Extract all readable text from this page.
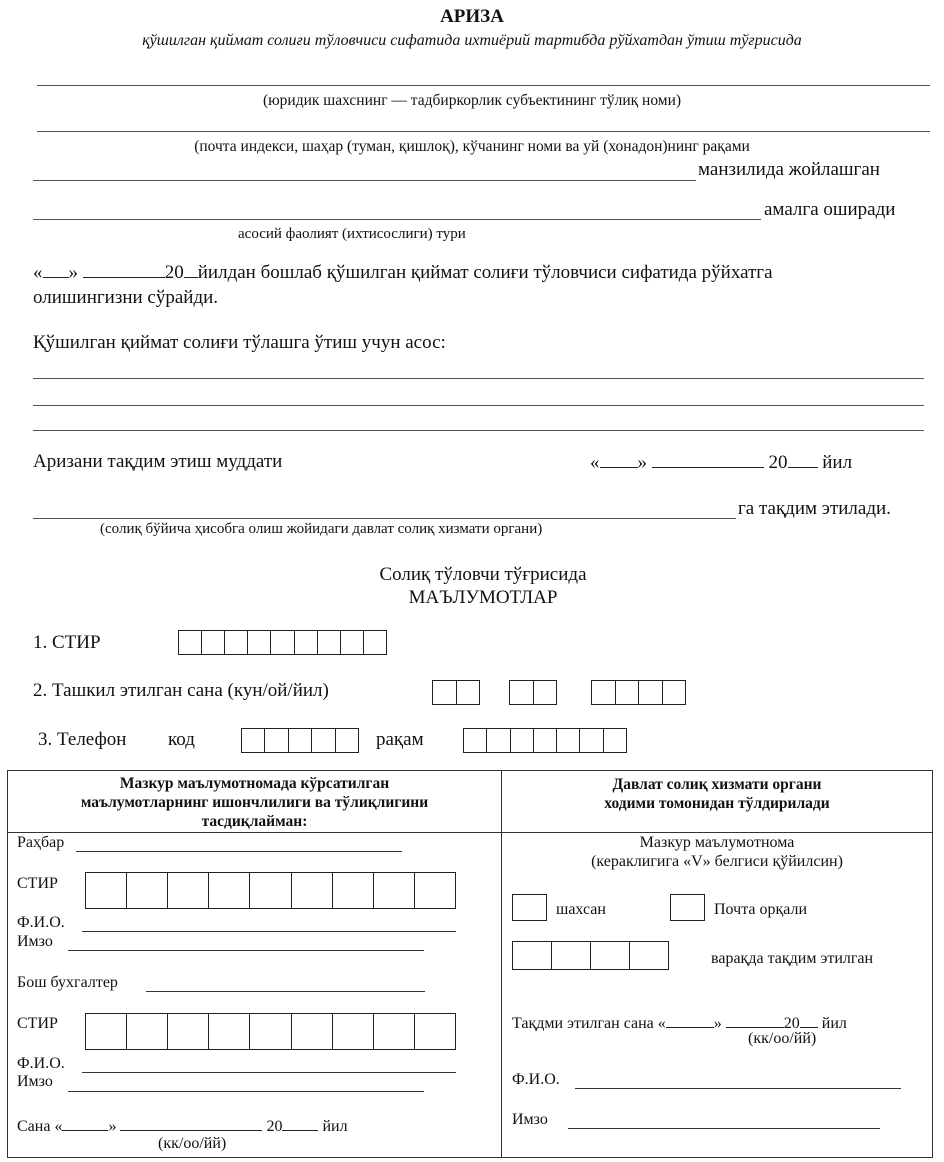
АРИЗА
қўшилган қиймат солиғи тўловчиси сифатида ихтиёрий тартибда рўйхатдан ўтиш тўғрисида
(юридик шахснинг — тадбиркорлик субъектининг тўлиқ номи)
(почта индекси, шаҳар (туман, қишлоқ), кўчанинг номи ва уй (хонадон)нинг рақами
манзилида жойлашган
амалга оширади
асосий фаолият (ихтисослиги) тури
« »	20 йилдан бошлаб қўшилган қиймат солиғи тўловчиси сифатида рўйхатга
олишингизни сўрайди.
Қўшилган қиймат солиғи тўлашга ўтиш учун асос:
Аризани тақдим этиш муддати	« »	20 йил
га тақдим этилади.
(солиқ бўйича ҳисобга олиш жойидаги давлат солиқ хизмати органи)
Солиқ тўловчи тўғрисида
МАЪЛУМОТЛАР
1. СТИР
2. Ташкил этилган сана (кун/ой/йил)
3. Телефон код	рақам
Мазкур маълумотномада кўрсатилган
маълумотларнинг ишончлилиги ва тўлиқлигини
тасдиқлайман:
Давлат солиқ хизмати органи
ходими томонидан тўлдирилади
Раҳбар
СТИР
Ф.И.О.
Имзо
Бош бухгалтер
СТИР
Ф.И.О.
Имзо
Сана «	»	20	йил
(кк/оо/йй)
Мазкур маълумотнома
(кераклигига «V» белгиси қўйилсин)
шахсан	Почта орқали
варақда тақдим этилган
Тақдми этилган сана «	»	20 йил
(кк/оо/йй)
Ф.И.О.
Имзо
